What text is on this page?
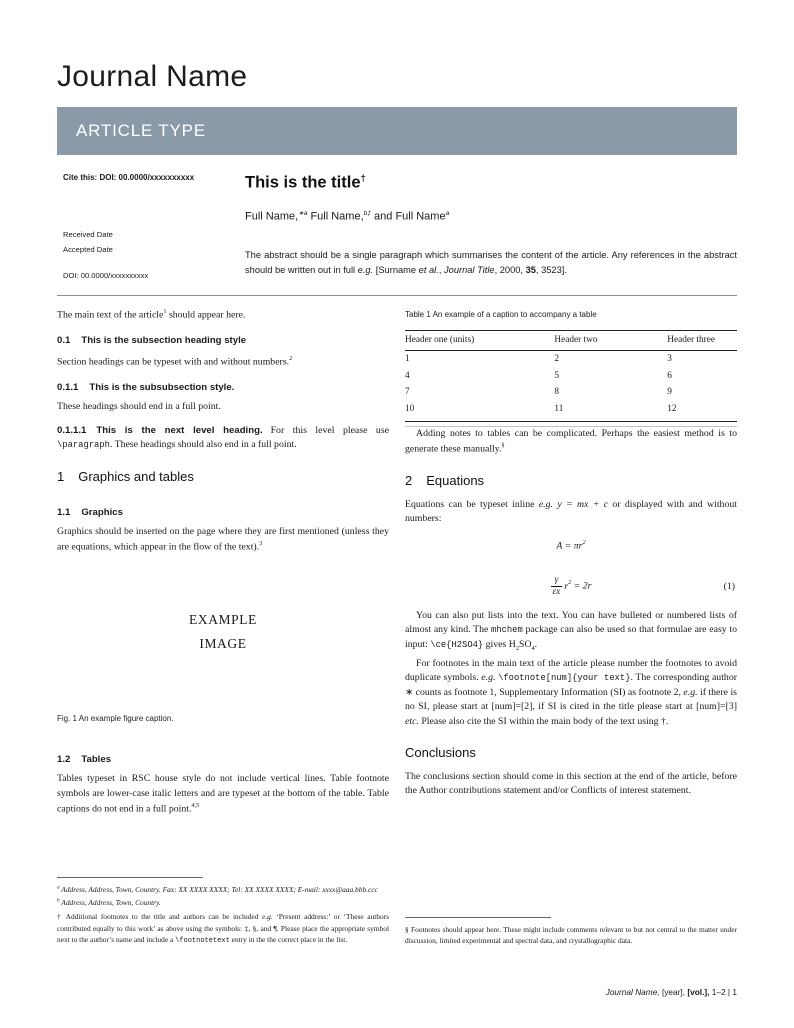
Journal Name
ARTICLE TYPE
Cite this: DOI: 00.0000/xxxxxxxxxx
Received Date
Accepted Date
DOI: 00.0000/xxxxxxxxxx
This is the title†
Full Name,$^{∗a}$ Full Name,$^{b\ddagger}$ and Full Name$^a$
The abstract should be a single paragraph which summarises the content of the article. Any references in the abstract should be written out in full e.g. [Surname et al., Journal Title, 2000, 35, 3523].

The main text of the article$^1$ should appear here.

0.1 This is the subsection heading style

Section headings can be typeset with and without numbers.$^2$

0.1.1 This is the subsubsection style.

These headings should end in a full point.

0.1.1.1 This is the next level heading. For this level please use \paragraph. These headings should also end in a full point.

1 Graphics and tables
1.1 Graphics

Graphics should be inserted on the page where they are first mentioned (unless they are equations, which appear in the flow of the text).$^3$

EXAMPLE
IMAGE
Fig. 1 An example figure caption.
1.2 Tables

Tables typeset in RSC house style do not include vertical lines. Table footnote symbols are lower-case italic letters and are typeset at the bottom of the table. Table captions do not end in a full point.$^{4,5}$

$^a$ Address, Address, Town, Country. Fax: XX XXXX XXXX; Tel: XX XXXX XXXX; E-mail: xxxx@aaa.bbb.ccc
$^b$ Address, Address, Town, Country.
† Additional footnotes to the title and authors can be included e.g. ‘Present address:’ or ‘These authors contributed equally to this work’ as above using the symbols: ‡, §, and ¶. Please place the appropriate symbol next to the author’s name and include a \footnotetext entry in the the correct place in the list.
Table 1 An example of a caption to accompany a table
Header one (units)	Header two	Header three
1	2	3
4	5	6
7	8	9
10	11	12

Adding notes to tables can be complicated. Perhaps the easiest method is to generate these manually.§

2 Equations

Equations can be typeset inline e.g. y = mx + c or displayed with and without numbers:

A = πr$^2$
$\frac{\gamma}{\varepsilon x} r^2 = 2r$	(1)

You can also put lists into the text. You can have bulleted or numbered lists of almost any kind. The mhchem package can also be used so that formulae are easy to input: \ce{H2SO4} gives $H_2SO_4$.

For footnotes in the main text of the article please number the footnotes to avoid duplicate symbols. e.g. \footnote[num]{your text}. The corresponding author ∗ counts as footnote 1, Supplementary Information (SI) as footnote 2, e.g. if there is no SI, please start at [num]=[2], if SI is cited in the title please start at [num]=[3] etc. Please also cite the SI within the main body of the text using †.

Conclusions

The conclusions section should come in this section at the end of the article, before the Author contributions statement and/or Conflicts of interest statement.

§ Footnotes should appear here. These might include comments relevant to but not central to the matter under discussion, limited experimental and spectral data, and crystallographic data.
Journal Name, [year], [vol.], 1–2 | 1
